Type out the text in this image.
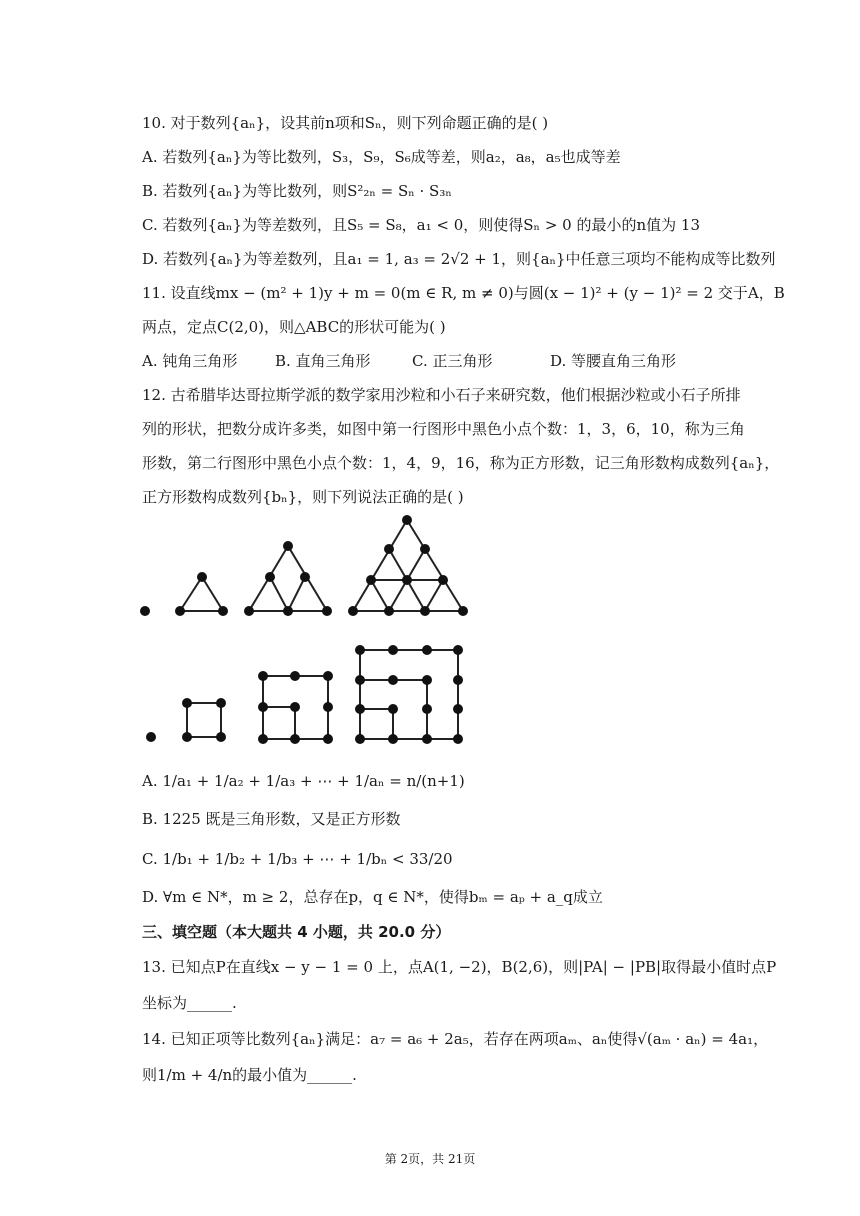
10. 对于数列{aₙ}，设其前n项和Sₙ，则下列命题正确的是( )
A. 若数列{aₙ}为等比数列，S₃，S₉，S₆成等差，则a₂，a₈，a₅也成等差
B. 若数列{aₙ}为等比数列，则S²₂ₙ = Sₙ · S₃ₙ
C. 若数列{aₙ}为等差数列，且S₅ = S₈，a₁ < 0，则使得Sₙ > 0 的最小的n值为 13
D. 若数列{aₙ}为等差数列，且a₁ = 1, a₃ = 2√2 + 1，则{aₙ}中任意三项均不能构成等比数列
11. 设直线mx − (m² + 1)y + m = 0(m ∈ R, m ≠ 0)与圆(x − 1)² + (y − 1)² = 2 交于A，B
两点，定点C(2,0)，则△ABC的形状可能为( )
A. 钝角三角形	B. 直角三角形	C. 正三角形	D. 等腰直角三角形
12. 古希腊毕达哥拉斯学派的数学家用沙粒和小石子来研究数，他们根据沙粒或小石子所排
列的形状，把数分成许多类，如图中第一行图形中黑色小点个数：1，3，6，10，称为三角
形数，第二行图形中黑色小点个数：1，4，9，16，称为正方形数，记三角形数构成数列{aₙ}，
正方形数构成数列{bₙ}，则下列说法正确的是( )
A. 1/a₁ + 1/a₂ + 1/a₃ + ⋯ + 1/aₙ = n/(n+1)
B. 1225 既是三角形数，又是正方形数
C. 1/b₁ + 1/b₂ + 1/b₃ + ⋯ + 1/bₙ < 33/20
D. ∀m ∈ N*，m ≥ 2，总存在p，q ∈ N*，使得bₘ = aₚ + a_q成立
三、填空题（本大题共 4 小题，共 20.0 分）
13. 已知点P在直线x − y − 1 = 0 上，点A(1, −2)，B(2,6)，则|PA| − |PB|取得最小值时点P
坐标为______.
14. 已知正项等比数列{aₙ}满足：a₇ = a₆ + 2a₅，若存在两项aₘ、aₙ使得√(aₘ · aₙ) = 4a₁，
则1/m + 4/n的最小值为______.
第 2页，共 21页
